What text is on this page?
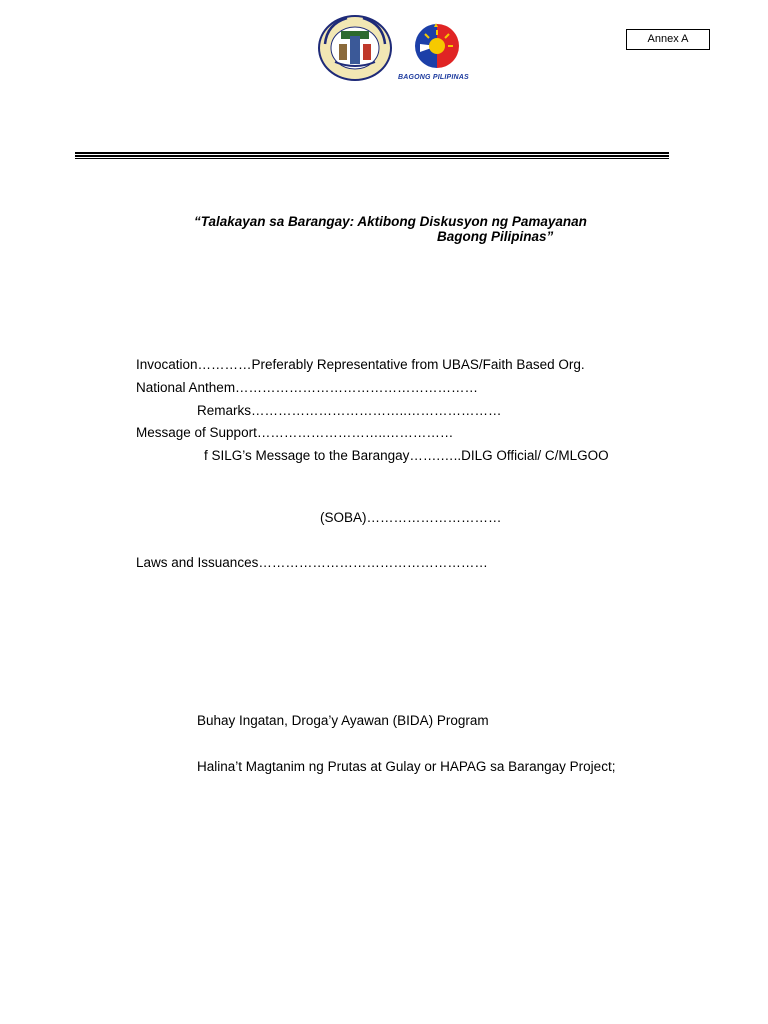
BAGONG PILIPINAS
Annex A
“Talakayan sa Barangay: Aktibong Diskusyon ng Pamayanan
Bagong Pilipinas”
Invocation…………Preferably Representative from UBAS/Faith Based Org.
National Anthem………………………………………………
Remarks……………………………..…………………
Message of Support………………………..……………
f SILG’s Message to the Barangay…….…..DILG Official/ C/MLGOO
(SOBA)…………………………
Laws and Issuances……………………………………………
Buhay Ingatan, Droga’y Ayawan (BIDA) Program
Halina’t Magtanim ng Prutas at Gulay or HAPAG sa Barangay Project;
